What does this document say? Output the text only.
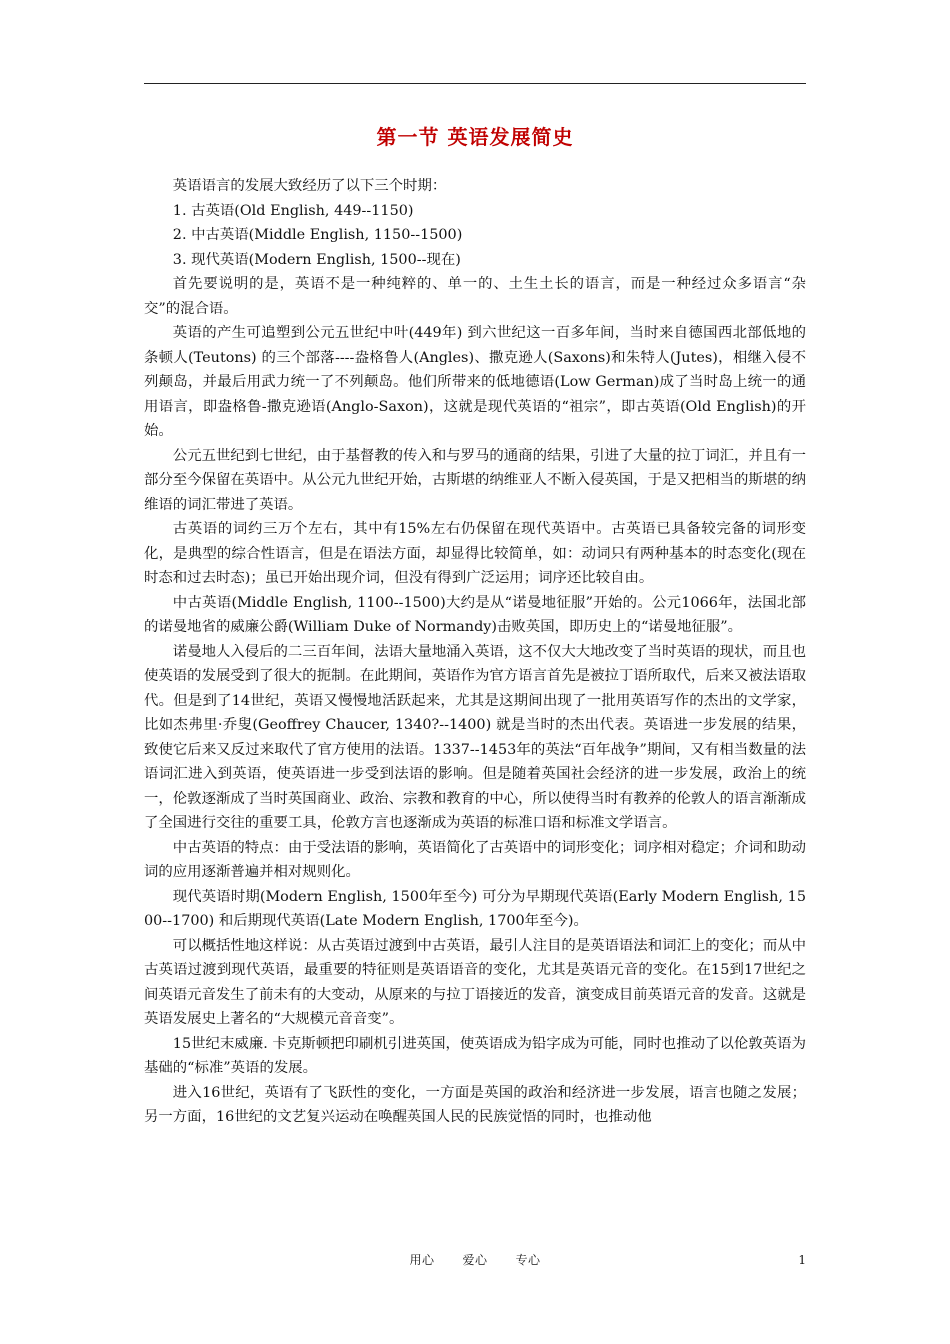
第一节 英语发展简史

英语语言的发展大致经历了以下三个时期：

1. 古英语(Old English, 449--1150)

2. 中古英语(Middle English, 1150--1500)

3. 现代英语(Modern English, 1500--现在)

首先要说明的是，英语不是一种纯粹的、单一的、土生土长的语言，而是一种经过众多语言“杂交”的混合语。

英语的产生可追塑到公元五世纪中叶(449年) 到六世纪这一百多年间，当时来自德国西北部低地的条顿人(Teutons) 的三个部落----盎格鲁人(Angles)、撒克逊人(Saxons)和朱特人(Jutes)，相继入侵不列颠岛，并最后用武力统一了不列颠岛。他们所带来的低地德语(Low German)成了当时岛上统一的通用语言，即盎格鲁-撒克逊语(Anglo-Saxon)，这就是现代英语的“祖宗”，即古英语(Old English)的开始。

公元五世纪到七世纪，由于基督教的传入和与罗马的通商的结果，引进了大量的拉丁词汇，并且有一部分至今保留在英语中。从公元九世纪开始，古斯堪的纳维亚人不断入侵英国，于是又把相当的斯堪的纳维语的词汇带进了英语。

古英语的词约三万个左右，其中有15%左右仍保留在现代英语中。古英语已具备较完备的词形变化，是典型的综合性语言，但是在语法方面，却显得比较简单，如：动词只有两种基本的时态变化(现在时态和过去时态)；虽已开始出现介词，但没有得到广泛运用；词序还比较自由。

中古英语(Middle English, 1100--1500)大约是从“诺曼地征服”开始的。公元1066年，法国北部的诺曼地省的威廉公爵(William Duke of Normandy)击败英国，即历史上的“诺曼地征服”。

诺曼地人入侵后的二三百年间，法语大量地涌入英语，这不仅大大地改变了当时英语的现状，而且也使英语的发展受到了很大的扼制。在此期间，英语作为官方语言首先是被拉丁语所取代，后来又被法语取代。但是到了14世纪，英语又慢慢地活跃起来，尤其是这期间出现了一批用英语写作的杰出的文学家，比如杰弗里·乔叟(Geoffrey Chaucer, 1340?--1400) 就是当时的杰出代表。英语进一步发展的结果，致使它后来又反过来取代了官方使用的法语。1337--1453年的英法“百年战争”期间，又有相当数量的法语词汇进入到英语，使英语进一步受到法语的影响。但是随着英国社会经济的进一步发展，政治上的统一，伦敦逐渐成了当时英国商业、政治、宗教和教育的中心，所以使得当时有教养的伦敦人的语言渐渐成了全国进行交往的重要工具，伦敦方言也逐渐成为英语的标准口语和标准文学语言。

中古英语的特点：由于受法语的影响，英语简化了古英语中的词形变化；词序相对稳定；介词和助动词的应用逐渐普遍并相对规则化。

现代英语时期(Modern English, 1500年至今) 可分为早期现代英语(Early Modern English, 1500--1700) 和后期现代英语(Late Modern English, 1700年至今)。

可以概括性地这样说：从古英语过渡到中古英语，最引人注目的是英语语法和词汇上的变化；而从中古英语过渡到现代英语，最重要的特征则是英语语音的变化，尤其是英语元音的变化。在15到17世纪之间英语元音发生了前未有的大变动，从原来的与拉丁语接近的发音，演变成目前英语元音的发音。这就是英语发展史上著名的“大规模元音音变”。

15世纪末威廉. 卡克斯顿把印刷机引进英国，使英语成为铅字成为可能，同时也推动了以伦敦英语为基础的“标准”英语的发展。

进入16世纪，英语有了飞跃性的变化，一方面是英国的政治和经济进一步发展，语言也随之发展；另一方面，16世纪的文艺复兴运动在唤醒英国人民的民族觉悟的同时，也推动他

用心 爱心 专心	1
